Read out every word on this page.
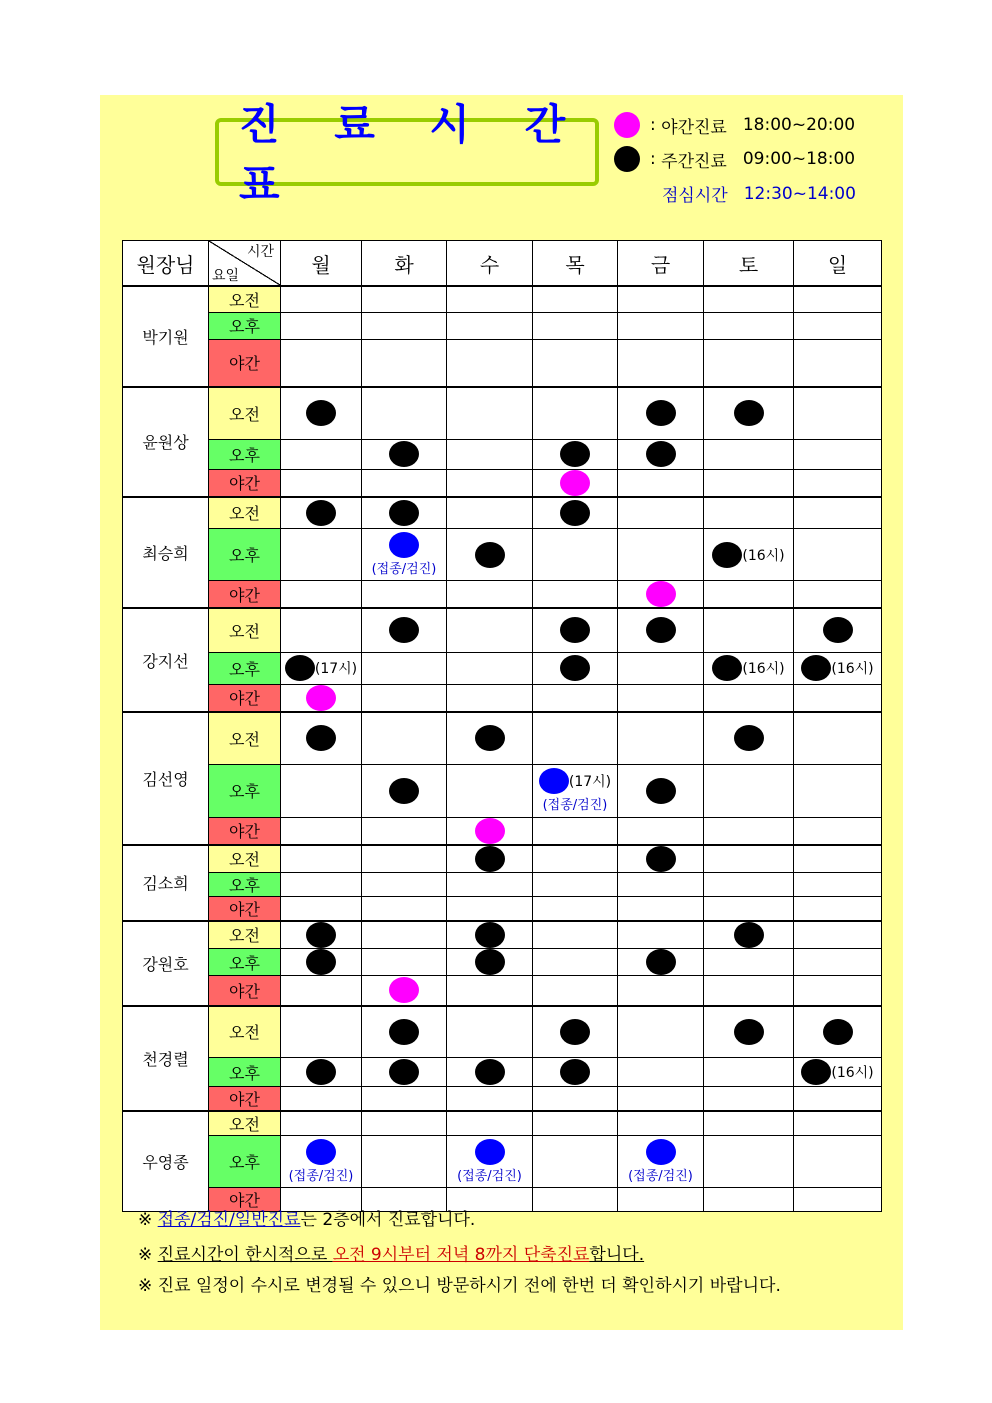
진 료 시 간 표
: 야간진료 18:00~20:00
: 주간진료 09:00~18:00
점심시간 12:30~14:00
원장님	시간
요일	월	화	수	목	금	토	일
박기원	오전							
	오후							
	야간							
윤원상	오전	

	오후		

	야간				

최승희	오전	

	오후		(접종/검진)				(16시)	

	야간					

강지선	오전		

	오후	(17시)					(16시)	(16시)

	야간	

김선영	오전	

	오후				(17시)
(접종/검진)			

	야간			

김소희	오전			

	오후							
	야간							
강원호	오전	

	오후	

	야간		

천경렬	오전		

	오후							(16시)

	야간							
우영종	오전							
	오후	(접종/검진)		(접종/검진)		(접종/검진)		

	야간							
※ 접종/검진/일반진료는 2층에서 진료합니다.
※ 진료시간이 한시적으로 오전 9시부터 저녁 8까지 단축진료합니다.
※ 진료 일정이 수시로 변경될 수 있으니 방문하시기 전에 한번 더 확인하시기 바랍니다.
